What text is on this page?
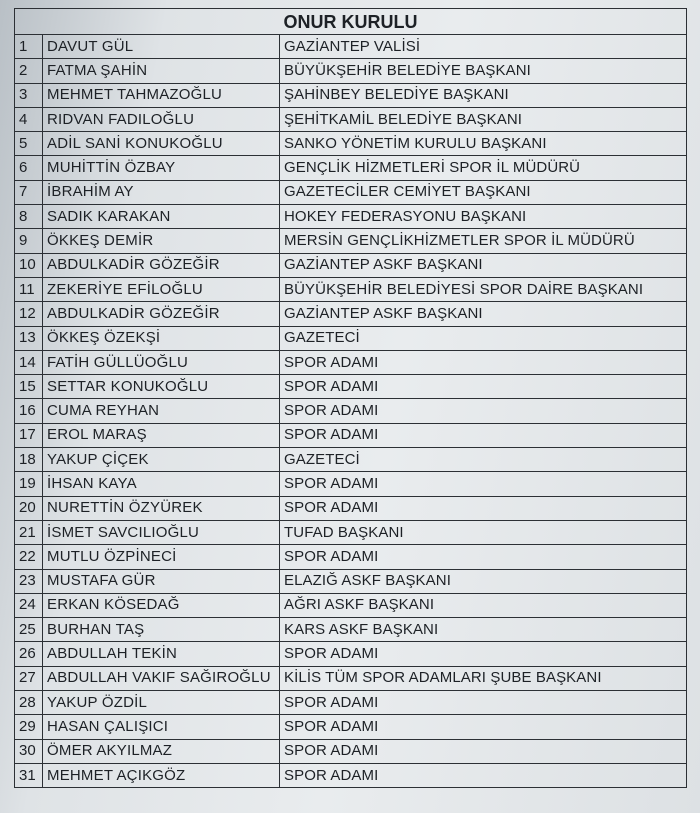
ONUR KURULU		
1	DAVUT GÜL	GAZİANTEP VALİSİ
2	FATMA ŞAHİN	BÜYÜKŞEHİR BELEDİYE BAŞKANI
3	MEHMET TAHMAZOĞLU	ŞAHİNBEY BELEDİYE BAŞKANI
4	RIDVAN FADILOĞLU	ŞEHİTKAMİL BELEDİYE BAŞKANI
5	ADİL SANİ KONUKOĞLU	SANKO YÖNETİM KURULU BAŞKANI
6	MUHİTTİN ÖZBAY	GENÇLİK HİZMETLERİ SPOR İL MÜDÜRÜ
7	İBRAHİM AY	GAZETECİLER CEMİYET BAŞKANI
8	SADIK KARAKAN	HOKEY FEDERASYONU BAŞKANI
9	ÖKKEŞ DEMİR	MERSİN GENÇLİKHİZMETLER SPOR İL MÜDÜRÜ
10	ABDULKADİR GÖZEĞİR	GAZİANTEP ASKF BAŞKANI
11	ZEKERİYE EFİLOĞLU	BÜYÜKŞEHİR BELEDİYESİ SPOR DAİRE BAŞKANI
12	ABDULKADİR GÖZEĞİR	GAZİANTEP ASKF BAŞKANI
13	ÖKKEŞ ÖZEKŞİ	GAZETECİ
14	FATİH GÜLLÜOĞLU	SPOR ADAMI
15	SETTAR KONUKOĞLU	SPOR ADAMI
16	CUMA REYHAN	SPOR ADAMI
17	EROL MARAŞ	SPOR ADAMI
18	YAKUP ÇİÇEK	GAZETECİ
19	İHSAN KAYA	SPOR ADAMI
20	NURETTİN ÖZYÜREK	SPOR ADAMI
21	İSMET SAVCILIOĞLU	TUFAD BAŞKANI
22	MUTLU ÖZPİNECİ	SPOR ADAMI
23	MUSTAFA GÜR	ELAZIĞ ASKF BAŞKANI
24	ERKAN KÖSEDAĞ	AĞRI ASKF BAŞKANI
25	BURHAN TAŞ	KARS ASKF BAŞKANI
26	ABDULLAH TEKİN	SPOR ADAMI
27	ABDULLAH VAKIF SAĞIROĞLU	KİLİS TÜM SPOR ADAMLARI ŞUBE BAŞKANI
28	YAKUP ÖZDİL	SPOR ADAMI
29	HASAN ÇALIŞICI	SPOR ADAMI
30	ÖMER AKYILMAZ	SPOR ADAMI
31	MEHMET AÇIKGÖZ	SPOR ADAMI
